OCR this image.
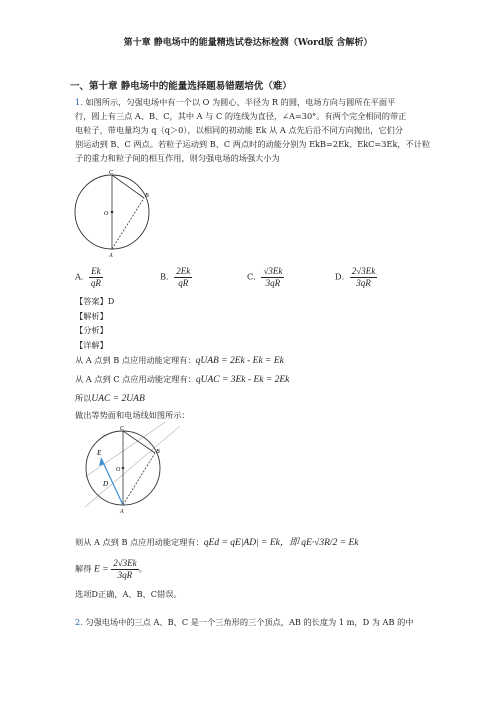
第十章 静电场中的能量精选试卷达标检测（Word版 含解析）
一、第十章 静电场中的能量选择题易错题培优（难）
1. 如图所示，匀强电场中有一个以 O 为圆心、半径为 R 的圆，电场方向与圆所在平面平
行，圆上有三点 A、B、C，其中 A 与 C 的连线为直径，∠A=30°。有两个完全相同的带正
电粒子，带电量均为 q（q＞0），以相同的初动能 Ek 从 A 点先后沿不同方向抛出，它们分
别运动到 B、C 两点。若粒子运动到 B、C 两点时的动能分别为 EkB=2Ek、EkC=3Ek，不计粒
子的重力和粒子间的相互作用，则匀强电场的场强大小为
C
O
B
A
A． $\frac{Ek}{qR}$	B． $\frac{2Ek}{qR}$	C． $\frac{√3Ek}{3qR}$	D． $\frac{2√3Ek}{3qR}$
【答案】D
【解析】
【分析】
【详解】
从 A 点到 B 点应用动能定理有：qUAB = 2Ek - Ek = Ek
从 A 点到 C 点应用动能定理有：qUAC = 3Ek - Ek = 2Ek
所以UAC = 2UAB
做出等势面和电场线如图所示：
C
E
O
B
D
A
则从 A 点到 B 点应用动能定理有：qEd = qE|AD| = Ek，即 qE·√3R/2 = Ek
解得 $E = \frac{2√3Ek}{3qR}$ 。
选项D正确，A、B、C错误。
2. 匀强电场中的三点 A、B、C 是一个三角形的三个顶点，AB 的长度为 1 m，D 为 AB 的中
